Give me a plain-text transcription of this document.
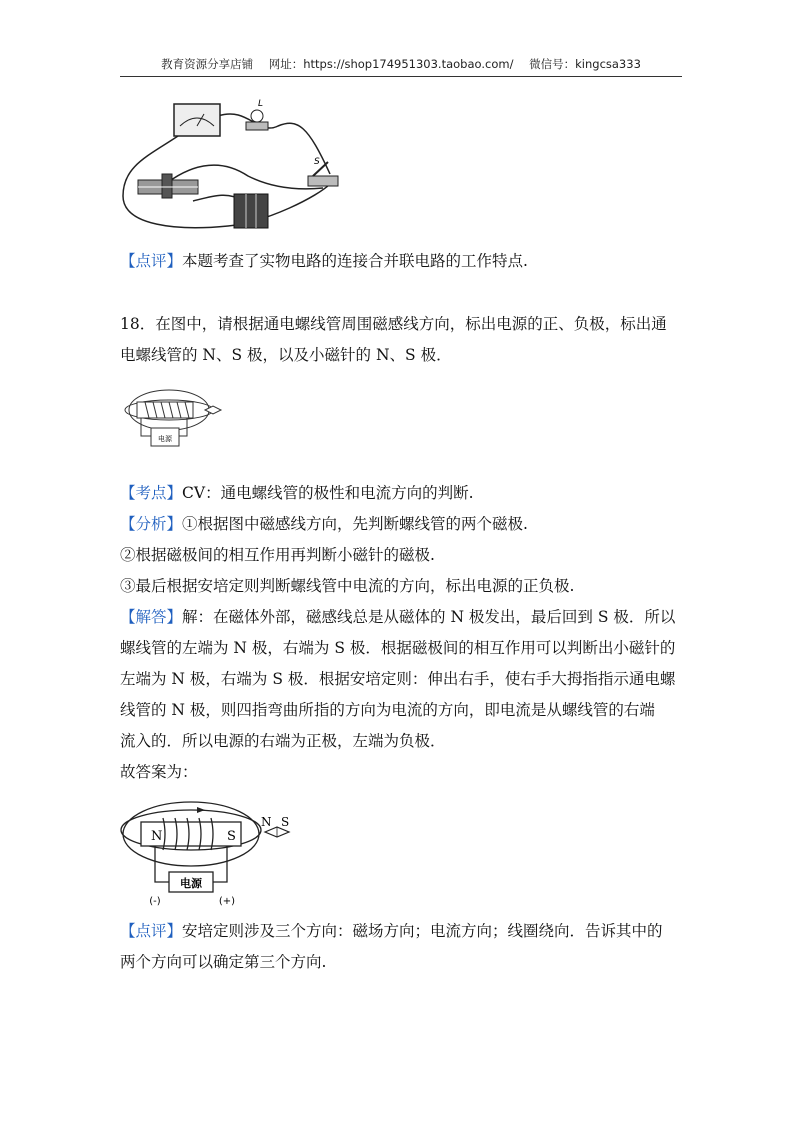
教育资源分享店铺 网址：https://shop174951303.taobao.com/ 微信号：kingcsa333
L
S
【点评】本题考查了实物电路的连接合并联电路的工作特点.
18．在图中，请根据通电螺线管周围磁感线方向，标出电源的正、负极，标出通
电螺线管的 N、S 极，以及小磁针的 N、S 极．
电源
【考点】CV：通电螺线管的极性和电流方向的判断.
【分析】①根据图中磁感线方向，先判断螺线管的两个磁极.
②根据磁极间的相互作用再判断小磁针的磁极.
③最后根据安培定则判断螺线管中电流的方向，标出电源的正负极.
【解答】解：在磁体外部，磁感线总是从磁体的 N 极发出，最后回到 S 极．所以
螺线管的左端为 N 极，右端为 S 极．根据磁极间的相互作用可以判断出小磁针的
左端为 N 极，右端为 S 极．根据安培定则：伸出右手，使右手大拇指指示通电螺
线管的 N 极，则四指弯曲所指的方向为电流的方向，即电流是从螺线管的右端
流入的．所以电源的右端为正极，左端为负极．
故答案为：
N	S
N S
电源
(-)	(+)
【点评】安培定则涉及三个方向：磁场方向；电流方向；线圈绕向．告诉其中的
两个方向可以确定第三个方向.
